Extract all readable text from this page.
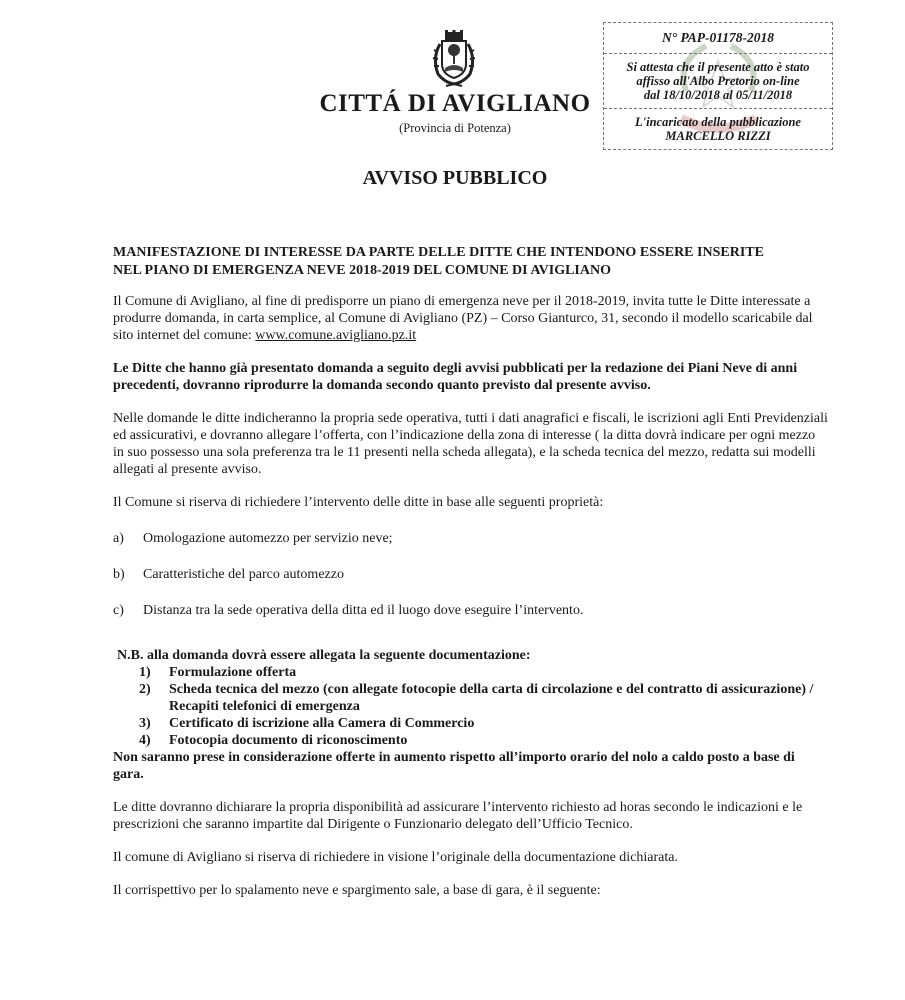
CITTÁ DI AVIGLIANO
(Provincia di Potenza)
AVVISO PUBBLICO
N° PAP-01178-2018
Si attesta che il presente atto è stato
affisso all'Albo Pretorio on-line
dal 18/10/2018 al 05/11/2018
L'incaricato della pubblicazione
MARCELLO RIZZI
MANIFESTAZIONE DI INTERESSE DA PARTE DELLE DITTE CHE INTENDONO ESSERE INSERITE
NEL PIANO DI EMERGENZA NEVE 2018-2019 DEL COMUNE DI AVIGLIANO
Il Comune di Avigliano, al fine di predisporre un piano di emergenza neve per il 2018-2019, invita tutte le Ditte interessate a produrre domanda, in carta semplice, al Comune di Avigliano (PZ) – Corso Gianturco, 31, secondo il modello scaricabile dal sito internet del comune: www.comune.avigliano.pz.it
Le Ditte che hanno già presentato domanda a seguito degli avvisi pubblicati per la redazione dei Piani Neve di anni precedenti, dovranno riprodurre la domanda secondo quanto previsto dal presente avviso.
Nelle domande le ditte indicheranno la propria sede operativa, tutti i dati anagrafici e fiscali, le iscrizioni agli Enti Previdenziali ed assicurativi, e dovranno allegare l’offerta, con l’indicazione della zona di interesse ( la ditta dovrà indicare per ogni mezzo in suo possesso una sola preferenza tra le 11 presenti nella scheda allegata), e la scheda tecnica del mezzo, redatta sui modelli allegati al presente avviso.
Il Comune si riserva di richiedere l’intervento delle ditte in base alle seguenti proprietà:
a)	Omologazione automezzo per servizio neve;
b)	Caratteristiche del parco automezzo
c)	Distanza tra la sede operativa della ditta ed il luogo dove eseguire l’intervento.
N.B. alla domanda dovrà essere allegata la seguente documentazione:
1)	Formulazione offerta
2)	Scheda tecnica del mezzo (con allegate fotocopie della carta di circolazione e del contratto di assicurazione) / Recapiti telefonici di emergenza
3)	Certificato di iscrizione alla Camera di Commercio
4)	Fotocopia documento di riconoscimento
Non saranno prese in considerazione offerte in aumento rispetto all’importo orario del nolo a caldo posto a base di gara.
Le ditte dovranno dichiarare la propria disponibilità ad assicurare l’intervento richiesto ad horas secondo le indicazioni e le prescrizioni che saranno impartite dal Dirigente o Funzionario delegato dell’Ufficio Tecnico.
Il comune di Avigliano si riserva di richiedere in visione l’originale della documentazione dichiarata.
Il corrispettivo per lo spalamento neve e spargimento sale, a base di gara, è il seguente:
